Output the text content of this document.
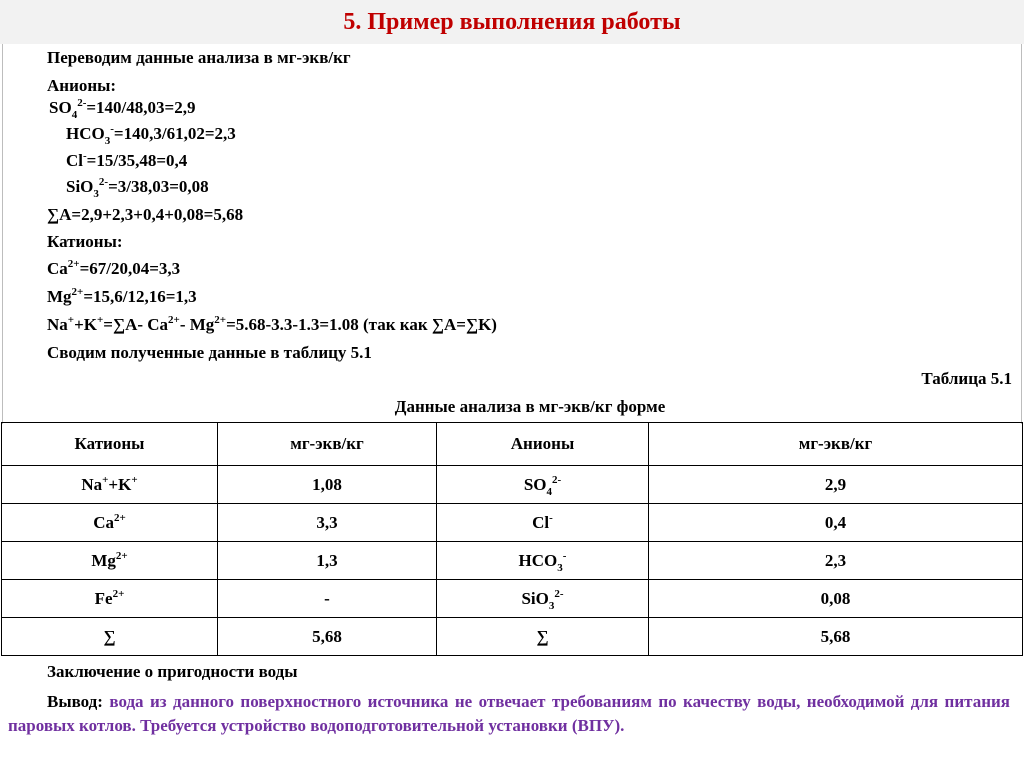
5. Пример выполнения работы
Переводим данные анализа в мг-экв/кг
Анионы:
$SO_4^{2-}=140/48,03=2,9$
$HCO_3^-=140,3/61,02=2,3$
Cl-=15/35,48=0,4
SiO$_3^{2-}$=3/38,03=0,08
∑A=2,9+2,3+0,4+0,08=5,68
Катионы:
$Ca^{2+}=67/20,04=3,3$
$Mg^{2+}=15,6/12,16=1,3$
Na++K+=∑A- $Ca^{2+}-$ $Mg^{2+}=5.68-3.3-1.3=1.08$ (так как ∑A=∑K)
Сводим полученные данные в таблицу 5.1
Таблица 5.1
Данные анализа в мг-экв/кг форме
Катионы	мг-экв/кг	Анионы	мг-экв/кг
Na++K+	1,08	$SO_4^{2-}$	2,9
$Ca^{2+}$	3,3	Cl-	0,4
$Mg^{2+}$	1,3	$HCO_3^-$	2,3
$Fe^{2+}$	-	SiO$_3^{2-}$	0,08
∑	5,68	∑	5,68
Заключение о пригодности воды
Вывод: вода из данного поверхностного источника не отвечает требованиям по качеству воды, необходимой для питания паровых котлов. Требуется устройство водоподготовительной установки (ВПУ).
